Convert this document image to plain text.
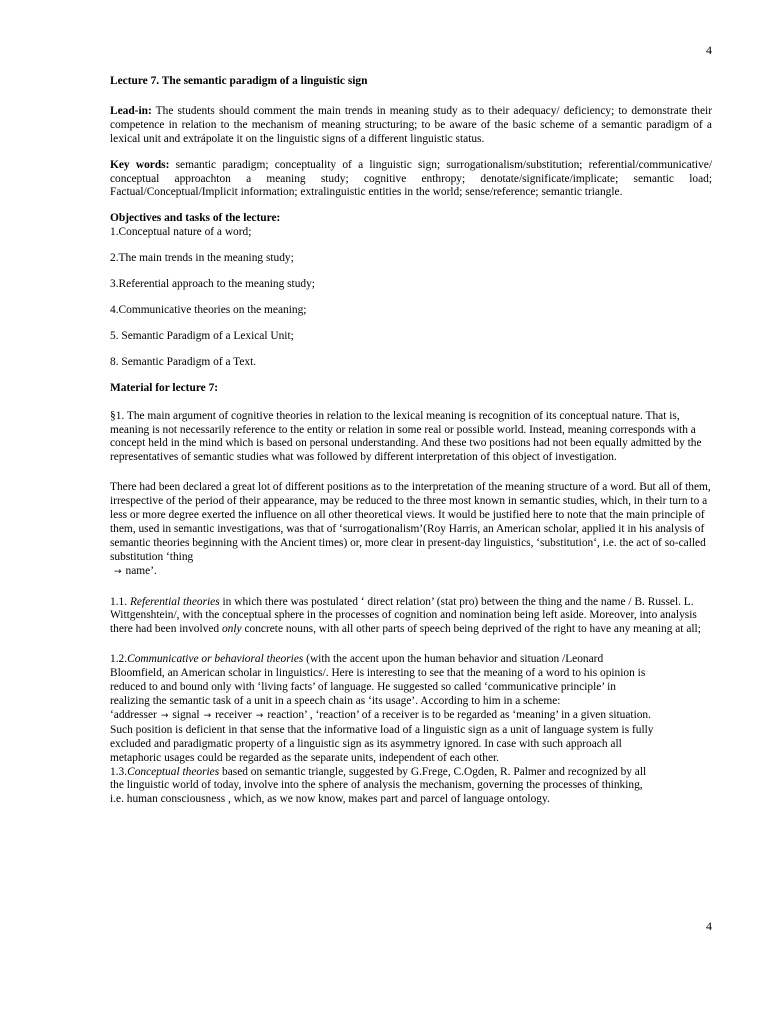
4

Lecture 7. The semantic paradigm of a linguistic sign

Lead-in: The students should comment the main trends in meaning study as to their adequacy/ deficiency; to demonstrate their competence in relation to the mechanism of meaning structuring; to be aware of the basic scheme of a semantic paradigm of a lexical unit and extrápolate it on the linguistic signs of a different linguistic status.

Key words: semantic paradigm; conceptuality of a linguistic sign; surrogationalism/substitution; referential/communicative/ conceptual approachton a meaning study; cognitive enthropy; denotate/significate/implicate; semantic load; Factual/Conceptual/Implicit information; extralinguistic entities in the world; sense/reference; semantic triangle.

Objectives and tasks of the lecture:

1.Conceptual nature of a word;

2.The main trends in the meaning study;

3.Referential approach to the meaning study;

4.Communicative theories on the meaning;

5. Semantic Paradigm of a Lexical Unit;

8. Semantic Paradigm of a Text.

Material for lecture 7:

§1. The main argument of cognitive theories in relation to the lexical meaning is recognition of its conceptual nature. That is, meaning is not necessarily reference to the entity or relation in some real or possible world. Instead, meaning corresponds with a concept held in the mind which is based on personal understanding. And these two positions had not been equally admitted by the representatives of semantic studies what was followed by different interpretation of this object of investigation.

There had been declared a great lot of different positions as to the interpretation of the meaning structure of a word. But all of them, irrespective of the period of their appearance, may be reduced to the three most known in semantic studies, which, in their turn to a less or more degree exerted the influence on all other theoretical views. It would be justified here to note that the main principle of them, used in semantic investigations, was that of ‘surrogationalism’(Roy Harris, an American scholar, applied it in his analysis of semantic theories beginning with the Ancient times) or, more clear in present-day linguistics, ‘substitution‘, i.e. the act of so-called substitution ‘thing
→ name’.

1.1. Referential theories in which there was postulated ‘ direct relation’ (stat pro) between the thing and the name / B. Russel. L. Wittgenshtein/, with the conceptual sphere in the processes of cognition and nomination being left aside. Moreover, into analysis there had been involved only concrete nouns, with all other parts of speech being deprived of the right to have any meaning at all;

1.2.Communicative or behavioral theories (with the accent upon the human behavior and situation /Leonard Bloomfield, an American scholar in linguistics/. Here is interesting to see that the meaning of a word to his opinion is reduced to and bound only with ‘living facts’ of language. He suggested so called ‘communicative principle’ in realizing the semantic task of a unit in a speech chain as ‘its usage’. According to him in a scheme: ‘addresser → signal → receiver → reaction’ , ‘reaction’ of a receiver is to be regarded as ‘meaning’ in a given situation. Such position is deficient in that sense that the informative load of a linguistic sign as a unit of language system is fully excluded and paradigmatic property of a linguistic sign as its asymmetry ignored. In case with such approach all metaphoric usages could be regarded as the separate units, independent of each other.

1.3.Conceptual theories based on semantic triangle, suggested by G.Frege, C.Ogden, R. Palmer and recognized by all the linguistic world of today, involve into the sphere of analysis the mechanism, governing the processes of thinking, i.e. human consciousness , which, as we now know, makes part and parcel of language ontology.

4
